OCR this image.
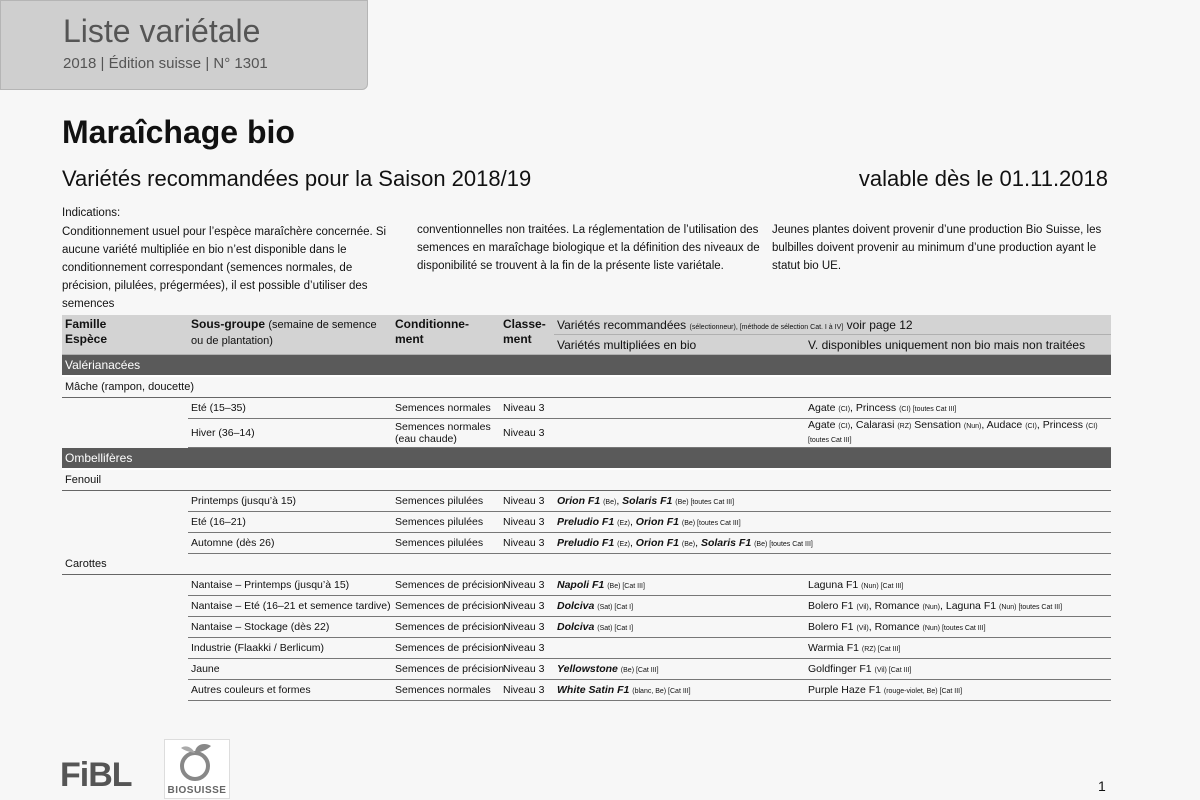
Liste variétale
2018 | Édition suisse | N° 1301
Maraîchage bio
Variétés recommandées pour la Saison 2018/19	valable dès le 01.11.2018
Indications:

Conditionnement usuel pour l’espèce maraîchère concernée. Si aucune variété multipliée en bio n’est disponible dans le conditionnement correspondant (semences normales, de précision, pilulées, prégermées), il est possible d’utiliser des semences

conventionnelles non traitées. La réglementation de l’utilisation des semences en maraîchage biologique et la définition des niveaux de disponibilité se trouvent à la fin de la présente liste variétale.

Jeunes plantes doivent provenir d’une production Bio Suisse, les bulbilles doivent provenir au minimum d’une production ayant le statut bio UE.

Famille
Espèce	Sous-groupe (semaine de semence ou de plantation)	Conditionne-ment	Classe-ment	Variétés recommandées (sélectionneur), [méthode de sélection Cat. I à IV] voir page 12	
				Variétés multipliées en bio	V. disponibles uniquement non bio mais non traitées
Valérianacées					
Mâche (rampon, doucette)					
	Eté (15–35)	Semences normales	Niveau 3		Agate (CI), Princess (CI) [toutes Cat III]
	Hiver (36–14)	Semences normales (eau chaude)	Niveau 3		Agate (CI), Calarasi (RZ) Sensation (Nun), Audace (CI), Princess (CI) [toutes Cat III]
Ombellifères					
Fenouil					
	Printemps (jusqu’à 15)	Semences pilulées	Niveau 3	Orion F1 (Be), Solaris F1 (Be) [toutes Cat III]	
	Eté (16–21)	Semences pilulées	Niveau 3	Preludio F1 (Ez), Orion F1 (Be) [toutes Cat III]	
	Automne (dès 26)	Semences pilulées	Niveau 3	Preludio F1 (Ez), Orion F1 (Be), Solaris F1 (Be) [toutes Cat III]	
Carottes					
	Nantaise – Printemps (jusqu’à 15)	Semences de précision	Niveau 3	Napoli F1 (Be) [Cat III]	Laguna F1 (Nun) [Cat III]
	Nantaise – Eté (16–21 et semence tardive)	Semences de précision	Niveau 3	Dolciva (Sat) [Cat I]	Bolero F1 (Vil), Romance (Nun), Laguna F1 (Nun) [toutes Cat III]
	Nantaise – Stockage (dès 22)	Semences de précision	Niveau 3	Dolciva (Sat) [Cat I]	Bolero F1 (Vil), Romance (Nun) [toutes Cat III]
	Industrie (Flaakki / Berlicum)	Semences de précision	Niveau 3		Warmia F1 (RZ) [Cat III]
	Jaune	Semences de précision	Niveau 3	Yellowstone (Be) [Cat III]	Goldfinger F1 (Vil) [Cat III]
	Autres couleurs et formes	Semences normales	Niveau 3	White Satin F1 (blanc, Be) [Cat III]	Purple Haze F1 (rouge-violet, Be) [Cat III]
FiBL	BIOSUISSE	1
